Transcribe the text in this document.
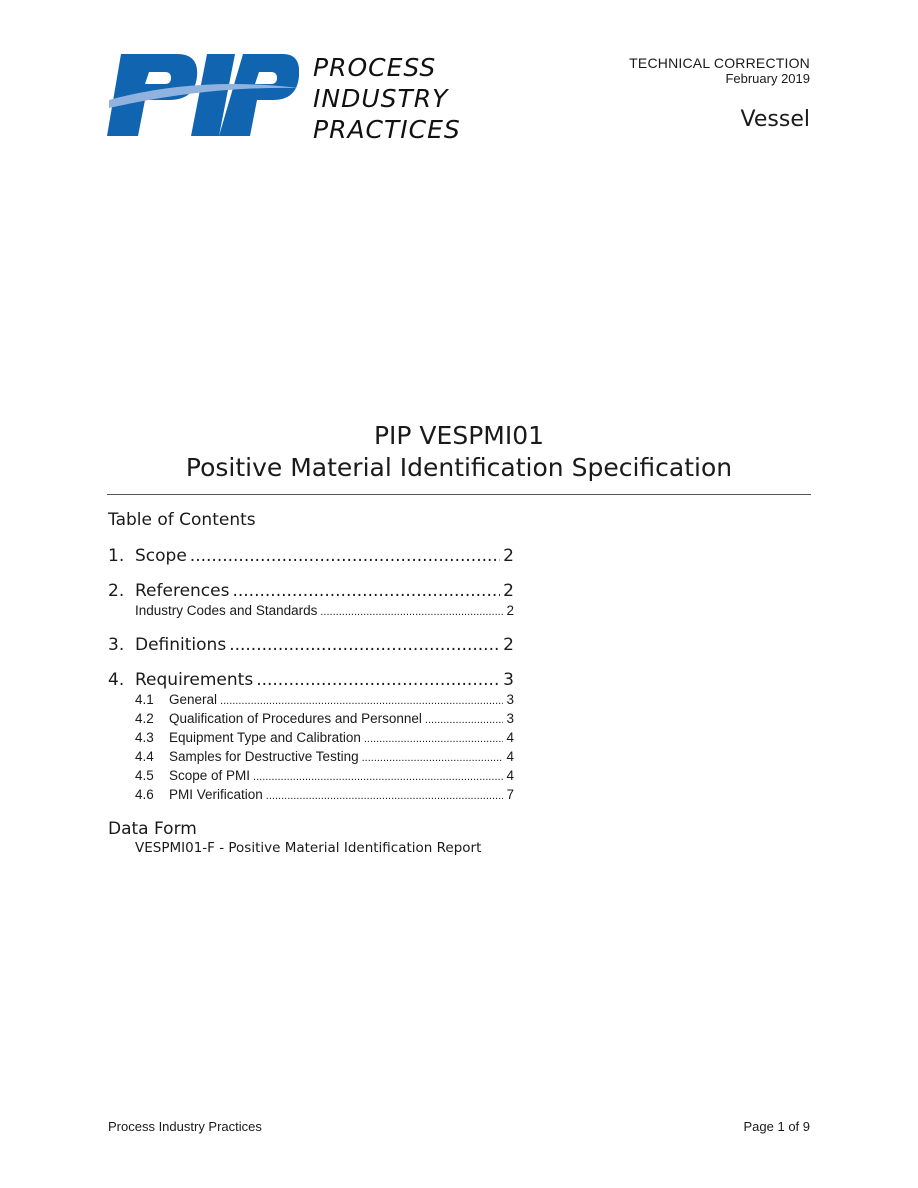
PROCESS
INDUSTRY
PRACTICES
TECHNICAL CORRECTION
February 2019
Vessel
PIP VESPMI01
Positive Material Identification Specification
Table of Contents
1. Scope .....	2
2. References .....	2
Industry Codes and Standards .....	2
3. Definitions .....	2
4. Requirements .....	3
4.1	General .....	3
4.2	Qualification of Procedures and Personnel .....	3
4.3	Equipment Type and Calibration .....	4
4.4	Samples for Destructive Testing .....	4
4.5	Scope of PMI .....	4
4.6	PMI Verification .....	7
Data Form
VESPMI01-F - Positive Material Identification Report
Process Industry Practices	Page 1 of 9
